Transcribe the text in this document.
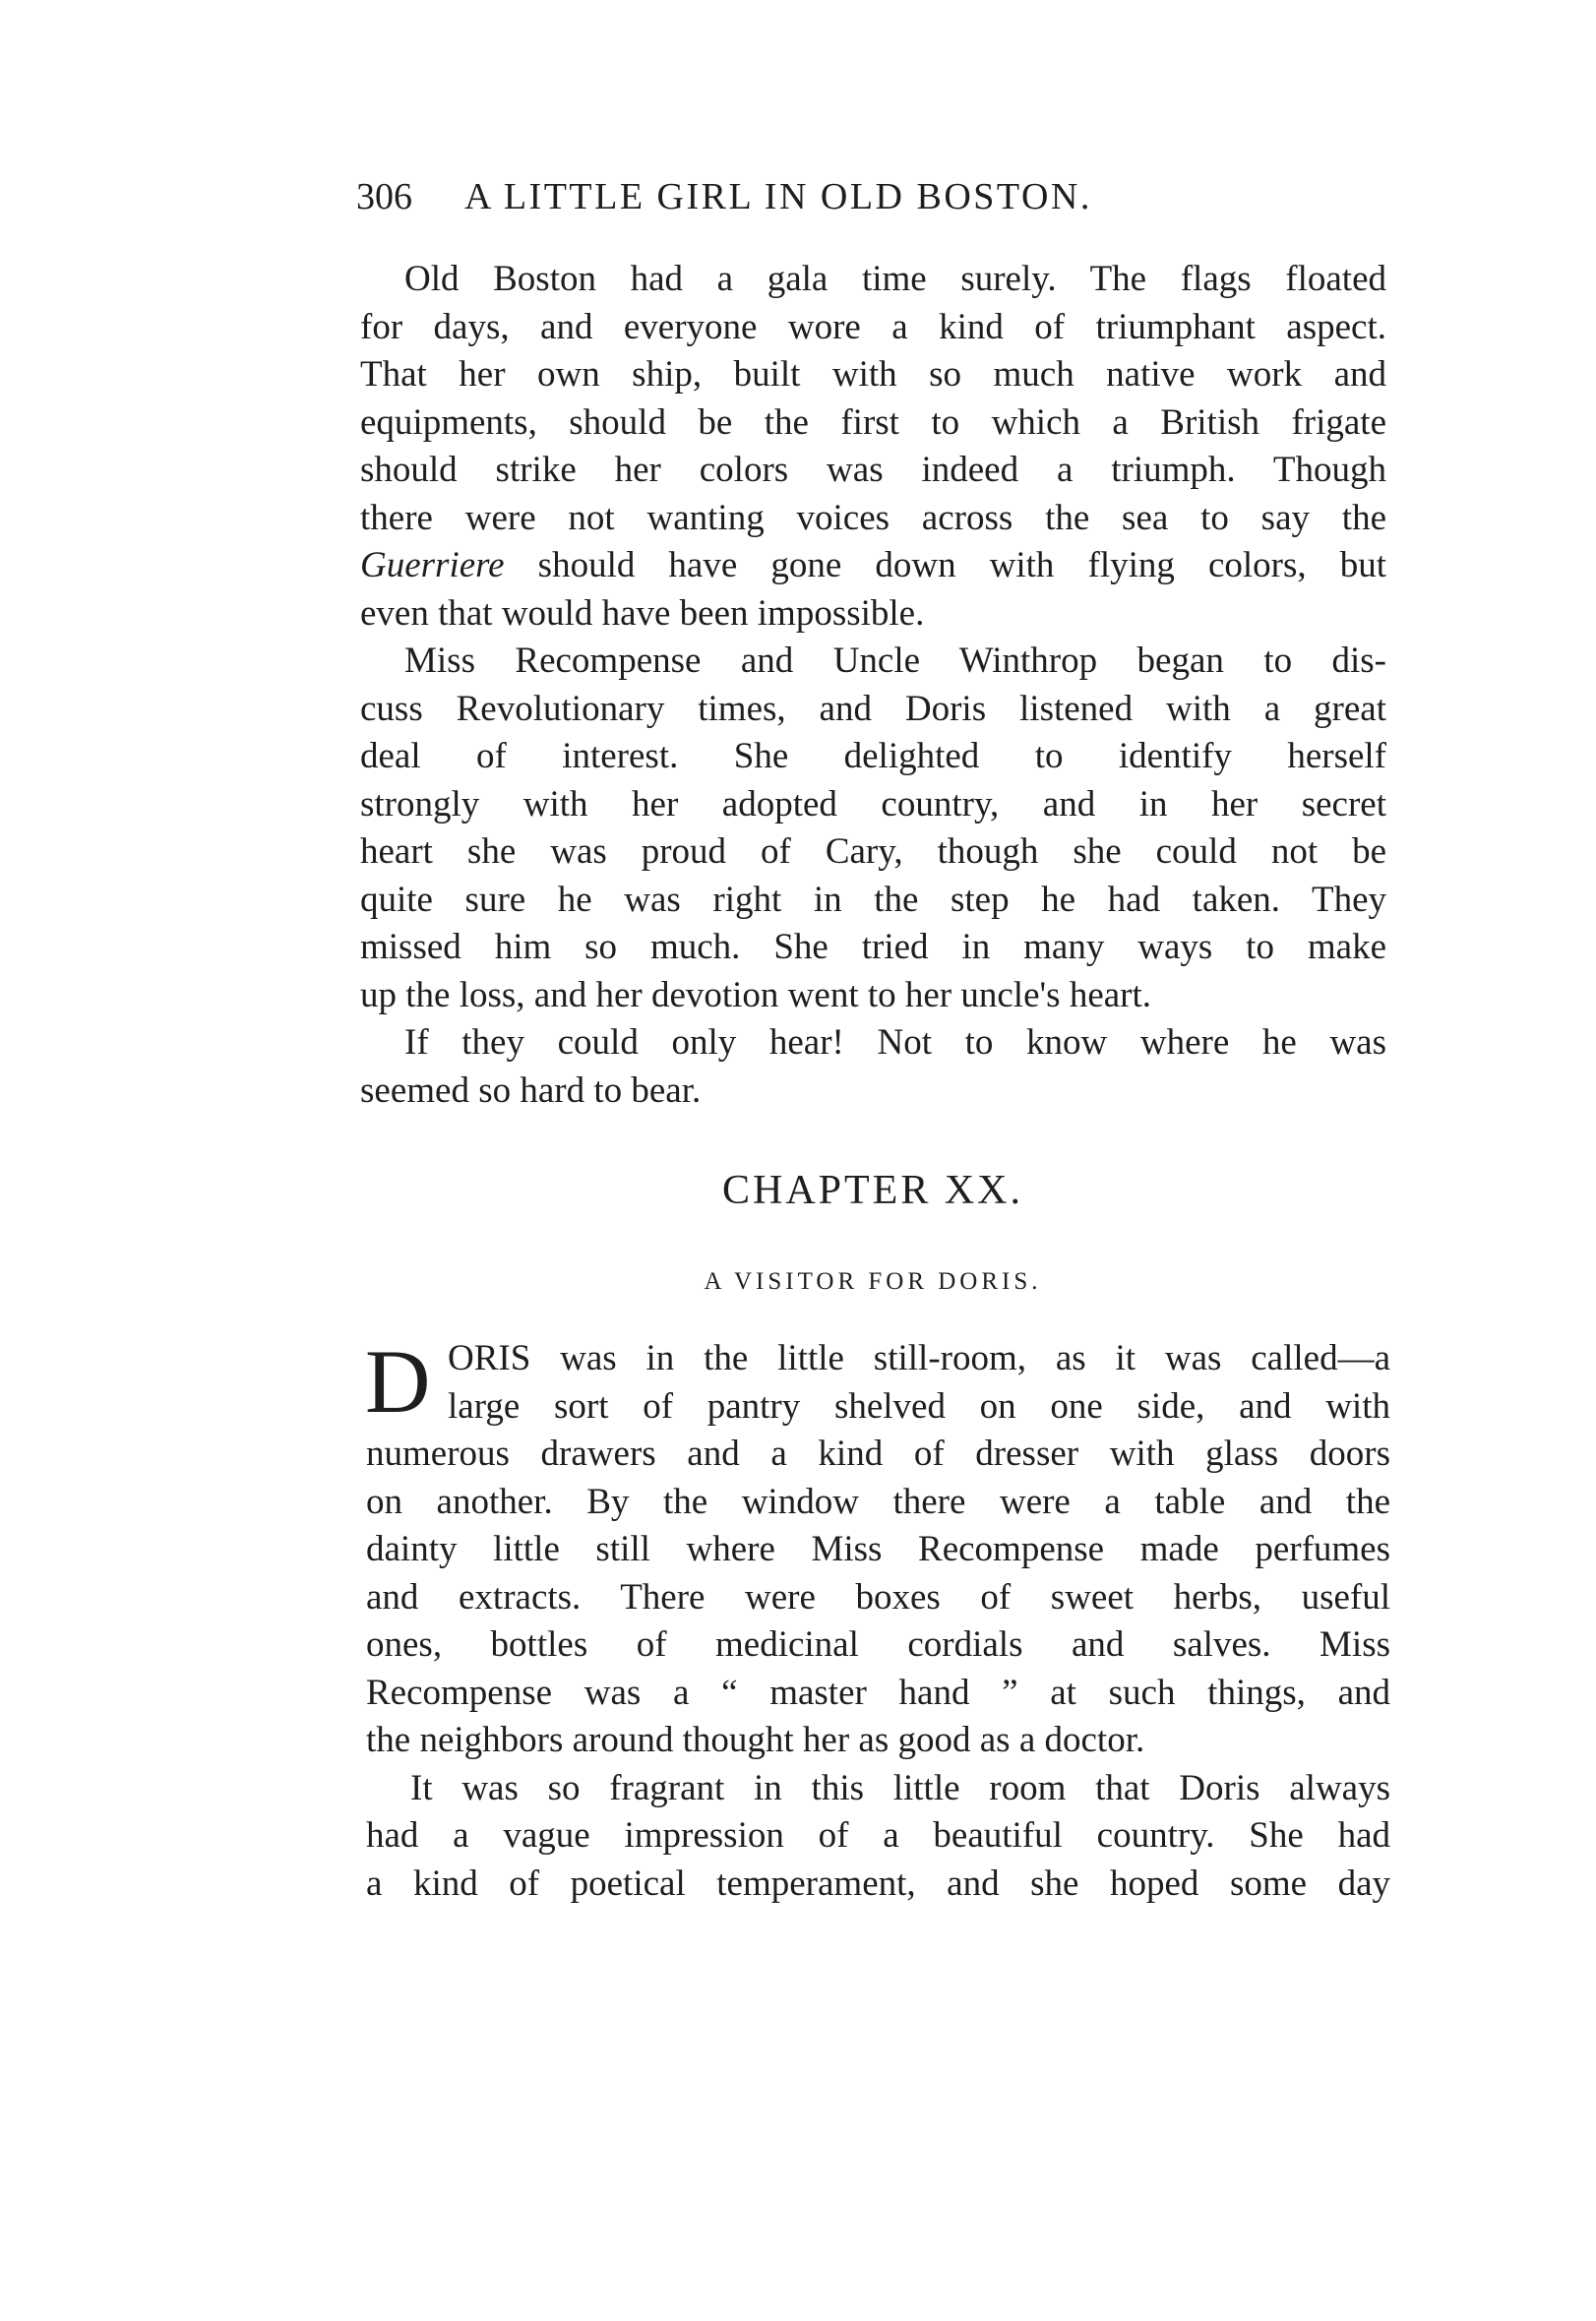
306 A LITTLE GIRL IN OLD BOSTON.
Old Boston had a gala time surely. The flags floated
for days, and everyone wore a kind of triumphant aspect.
That her own ship, built with so much native work and
equipments, should be the first to which a British frigate
should strike her colors was indeed a triumph. Though
there were not wanting voices across the sea to say the
Guerriere should have gone down with flying colors, but
even that would have been impossible.
Miss Recompense and Uncle Winthrop began to dis-
cuss Revolutionary times, and Doris listened with a great
deal of interest. She delighted to identify herself
strongly with her adopted country, and in her secret
heart she was proud of Cary, though she could not be
quite sure he was right in the step he had taken. They
missed him so much. She tried in many ways to make
up the loss, and her devotion went to her uncle's heart.
If they could only hear! Not to know where he was
seemed so hard to bear.
CHAPTER XX.
A VISITOR FOR DORIS.
D ORIS was in the little still-room, as it was called—a
large sort of pantry shelved on one side, and with
numerous drawers and a kind of dresser with glass doors
on another. By the window there were a table and the
dainty little still where Miss Recompense made perfumes
and extracts. There were boxes of sweet herbs, useful
ones, bottles of medicinal cordials and salves. Miss
Recompense was a “ master hand ” at such things, and
the neighbors around thought her as good as a doctor.
It was so fragrant in this little room that Doris always
had a vague impression of a beautiful country. She had
a kind of poetical temperament, and she hoped some day
